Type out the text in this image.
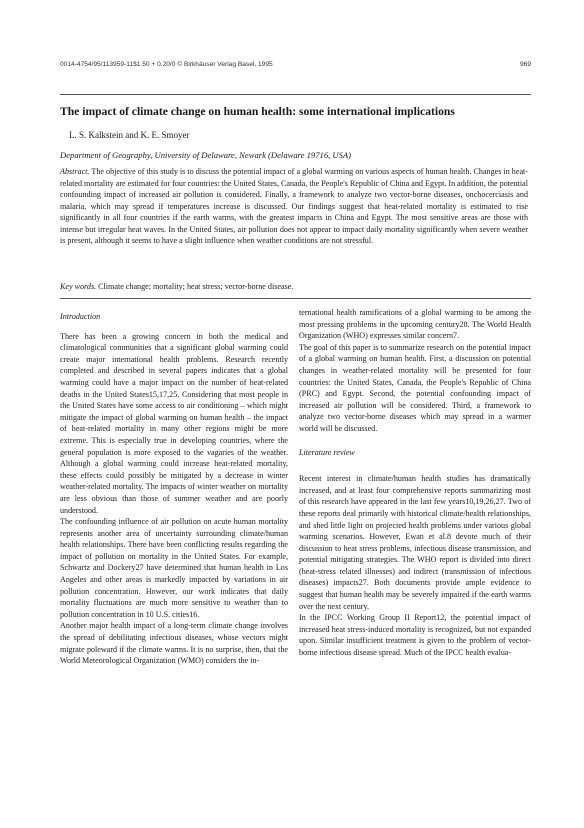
0014-4754/95/113959-11$1.50 + 0.20/0 © Birkhäuser Verlag Basel, 1995	969
The impact of climate change on human health: some international implications
L. S. Kalkstein and K. E. Smoyer
Department of Geography, University of Delaware, Newark (Delaware 19716, USA)
Abstract. The objective of this study is to discuss the potential impact of a global warming on various aspects of human health. Changes in heat-related mortality are estimated for four countries: the United States, Canada, the People's Republic of China and Egypt. In addition, the potential confounding impact of increased air pollution is considered. Finally, a framework to analyze two vector-borne diseases, onchocerciasis and malaria, which may spread if temperatures increase is discussed. Our findings suggest that heat-related mortality is estimated to rise significantly in all four countries if the earth warms, with the greatest impacts in China and Egypt. The most sensitive areas are those with intense but irregular heat waves. In the United States, air pollution does not appear to impact daily mortality significantly when severe weather is present, although it seems to have a slight influence when weather conditions are not stressful.
Key words. Climate change; mortality; heat stress; vector-borne disease.
Introduction

There has been a growing concern in both the medical and climatological communities that a significant global warming could create major international health problems. Research recently completed and described in several papers indicates that a global warming could have a major impact on the number of heat-related deaths in the United States15,17,25. Considering that most people in the United States have some access to air conditioning – which might mitigate the impact of global warming on human health – the impact of heat-related mortality in many other regions might be more extreme. This is especially true in developing countries, where the general population is more exposed to the vagaries of the weather. Although a global warming could increase heat-related mortality, these effects could possibly be mitigated by a decrease in winter weather-related mortality. The impacts of winter weather on mortality are less obvious than those of summer weather and are poorly understood.

The confounding influence of air pollution on acute human mortality represents another area of uncertainty surrounding climate/human health relationships. There have been conflicting results regarding the impact of pollution on mortality in the United States. For example, Schwartz and Dockery27 have determined that human health in Los Angeles and other areas is markedly impacted by variations in air pollution concentration. However, our work indicates that daily mortality fluctuations are much more sensitive to weather than to pollution concentration in 10 U.S. cities16.

Another major health impact of a long-term climate change involves the spread of debilitating infectious diseases, whose vectors might migrate poleward if the climate warms. It is no surprise, then, that the World Meteorological Organization (WMO) considers the in-

ternational health ramifications of a global warming to be among the most pressing problems in the upcoming century28. The World Health Organization (WHO) expresses similar concern7.

The goal of this paper is to summarize research on the potential impact of a global warming on human health. First, a discussion on potential changes in weather-related mortality will be presented for four countries: the United States, Canada, the People's Republic of China (PRC) and Egypt. Second, the potential confounding impact of increased air pollution will be considered. Third, a framework to analyze two vector-borne diseases which may spread in a warmer world will be discussed.

Literature review

Recent interest in climate/human health studies has dramatically increased, and at least four comprehensive reports summarizing most of this research have appeared in the last few years10,19,26,27. Two of these reports deal primarily with historical climate/health relationships, and shed little light on projected health problems under various global warming scenarios. However, Ewan et al.8 devote much of their discussion to heat stress problems, infectious disease transmission, and potential mitigating strategies. The WHO report is divided into direct (heat-stress related illnesses) and indirect (transmission of infectious diseases) impacts27. Both documents provide ample evidence to suggest that human health may be severely impaired if the earth warms over the next century.

In the IPCC Working Group II Report12, the potential impact of increased heat stress-induced mortality is recognized, but not expanded upon. Similar insufficient treatment is given to the problem of vector-borne infectious disease spread. Much of the IPCC health evalua-
